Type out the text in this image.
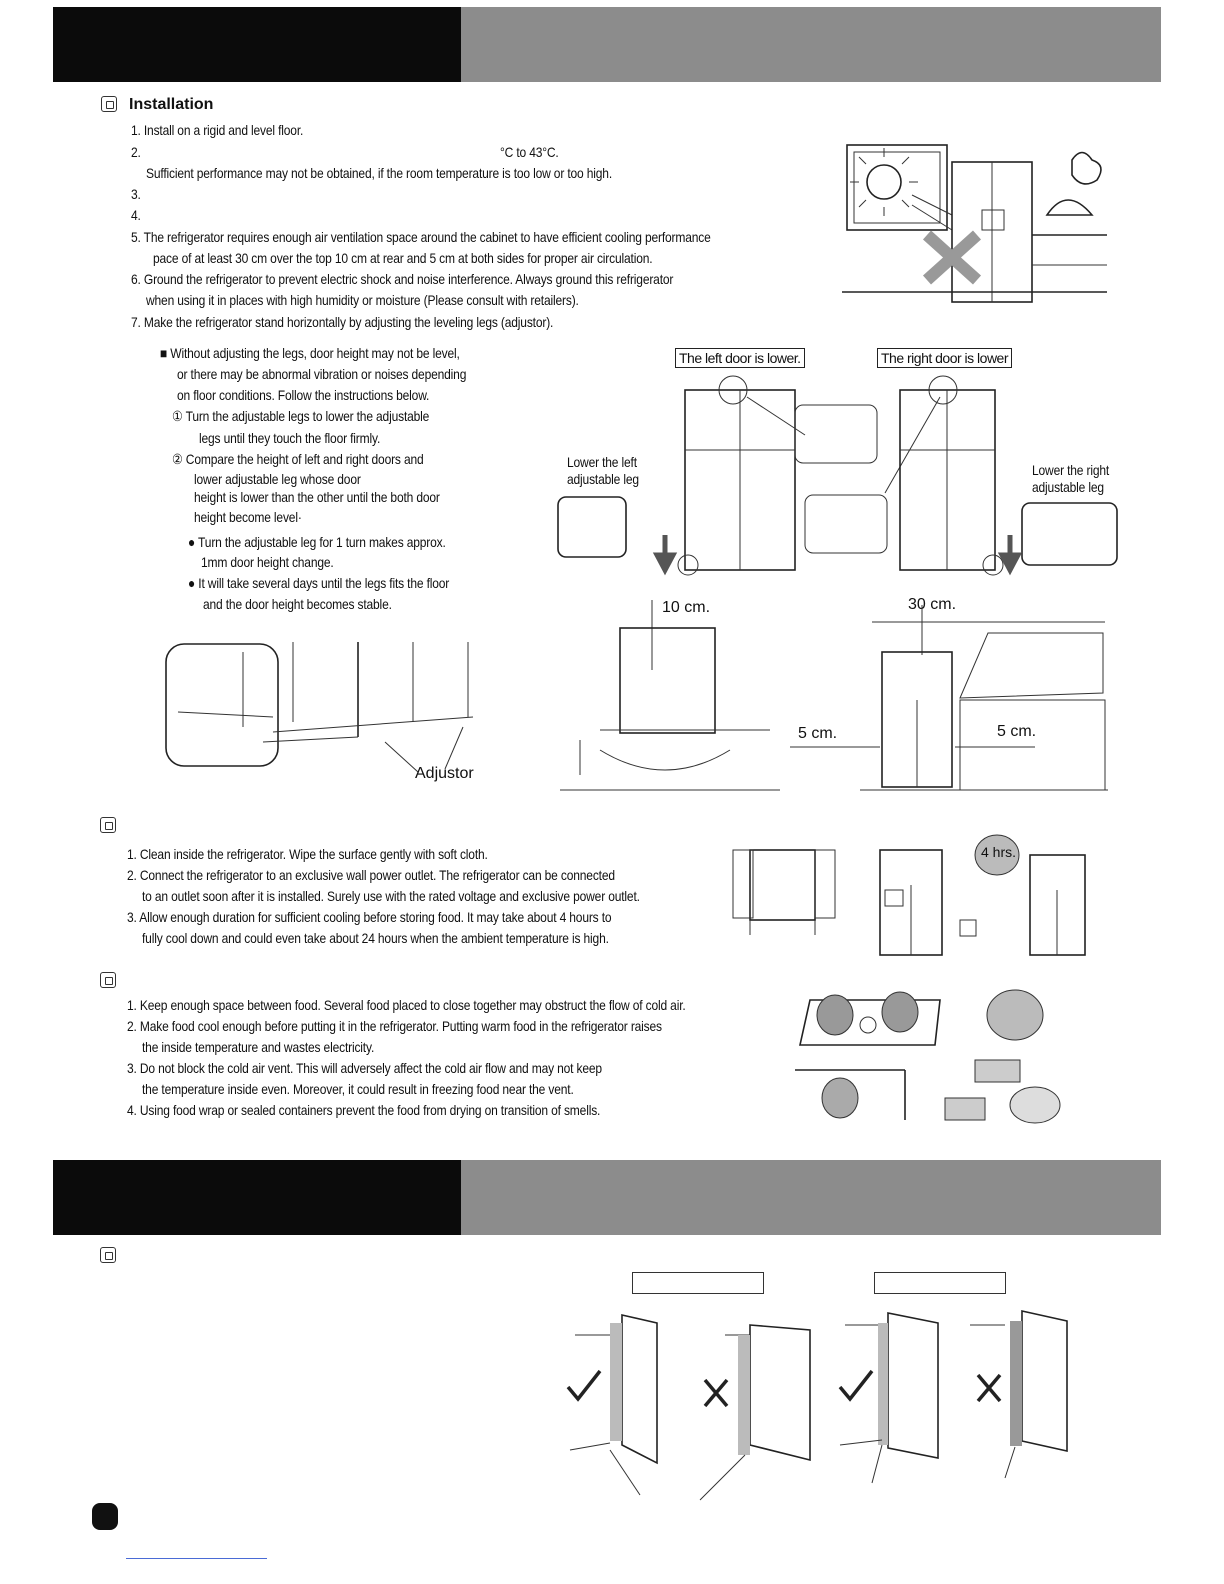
Installation
1. Install on a rigid and level floor.
2.	°C to 43°C.
Sufficient performance may not be obtained, if the room temperature is too low or too high.
3.
4.
5. The refrigerator requires enough air ventilation space around the cabinet to have efficient cooling performance
pace of at least 30 cm over the top 10 cm at rear and 5 cm at both sides for proper air circulation.
6. Ground the refrigerator to prevent electric shock and noise interference. Always ground this refrigerator
when using it in places with high humidity or moisture (Please consult with retailers).
7. Make the refrigerator stand horizontally by adjusting the leveling legs (adjustor).
■ Without adjusting the legs, door height may not be level,
or there may be abnormal vibration or noises depending
on floor conditions. Follow the instructions below.
① Turn the adjustable legs to lower the adjustable
legs until they touch the floor firmly.
② Compare the height of left and right doors and
lower adjustable leg whose door
height is lower than the other until the both door
height become level·
● Turn the adjustable leg for 1 turn makes approx.
1mm door height change.
● It will take several days until the legs fits the floor
and the door height becomes stable.
The left door is lower.	The right door is lower
Lower the left
adjustable leg
Lower the right
adjustable leg
Adjustor
10 cm.	30 cm.
5 cm.	5 cm.
1. Clean inside the refrigerator. Wipe the surface gently with soft cloth.
2. Connect the refrigerator to an exclusive wall power outlet. The refrigerator can be connected
to an outlet soon after it is installed. Surely use with the rated voltage and exclusive power outlet.
3. Allow enough duration for sufficient cooling before storing food. It may take about 4 hours to
fully cool down and could even take about 24 hours when the ambient temperature is high.
4 hrs.
1. Keep enough space between food. Several food placed to close together may obstruct the flow of cold air.
2. Make food cool enough before putting it in the refrigerator. Putting warm food in the refrigerator raises
the inside temperature and wastes electricity.
3. Do not block the cold air vent. This will adversely affect the cold air flow and may not keep
the temperature inside even. Moreover, it could result in freezing food near the vent.
4. Using food wrap or sealed containers prevent the food from drying on transition of smells.
